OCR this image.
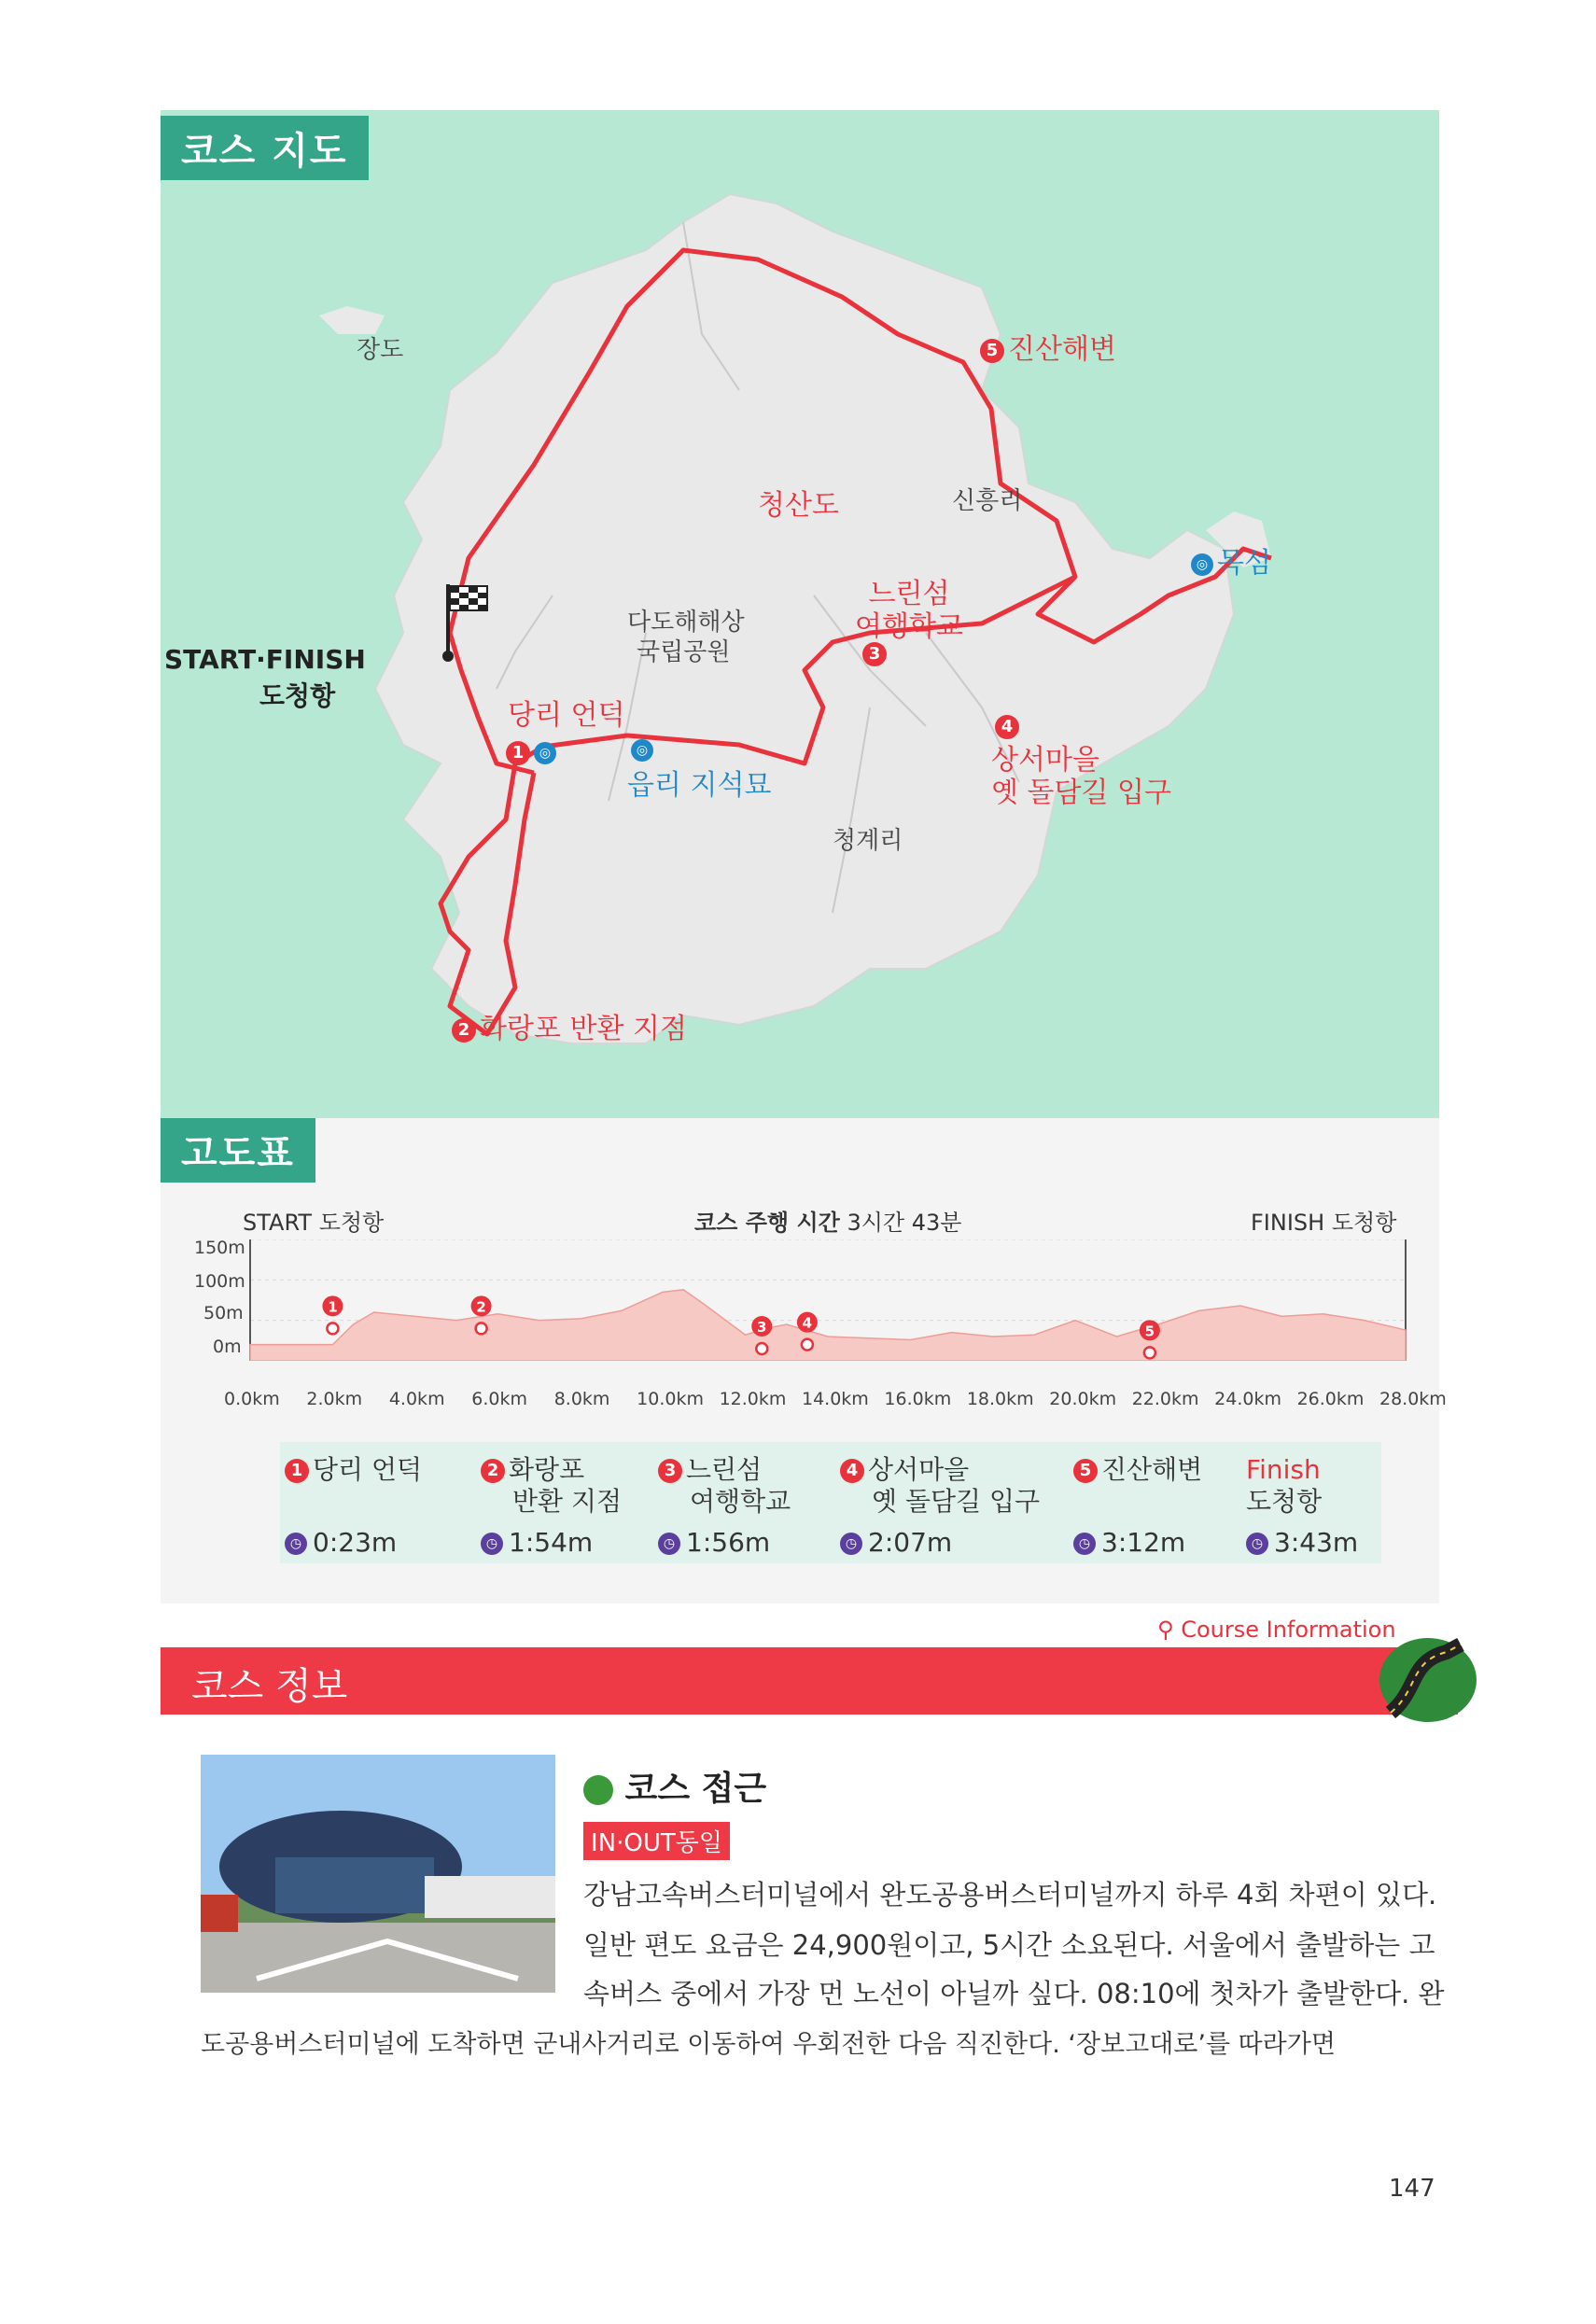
코스 지도
장도
청산도	신흥리
다도해해상
국립공원
청계리
START·FINISH
도청항
5 진산해변
느린섬
여행학교
3
4
상서마을
옛 돌담길 입구
당리 언덕
1	◎	◎
읍리 지석묘
◎ 목섬
2 화랑포 반환 지점
고도표
START 도청항	코스 주행 시간 3시간 43분	FINISH 도청항
150m
100m
50m
0m
1	2
3	4	5
0.0km 2.0km 4.0km 6.0km 8.0km 10.0km 12.0km 14.0km 16.0km 18.0km 20.0km 22.0km 24.0km 26.0km 28.0km
1 당리 언덕
◷ 0:23m
2 화랑포
반환 지점
◷ 1:54m
3 느린섬
여행학교
◷ 1:56m
4 상서마을
옛 돌담길 입구
◷ 2:07m
5 진산해변
◷ 3:12m
Finish
도청항
◷ 3:43m
⚲ Course Information
코스 정보
코스 접근
IN·OUT동일
강남고속버스터미널에서 완도공용버스터미널까지 하루 4회 차편이 있다.
일반 편도 요금은 24,900원이고, 5시간 소요된다. 서울에서 출발하는 고
속버스 중에서 가장 먼 노선이 아닐까 싶다. 08:10에 첫차가 출발한다. 완
도공용버스터미널에 도착하면 군내사거리로 이동하여 우회전한 다음 직진한다. ‘장보고대로’를 따라가면
147
